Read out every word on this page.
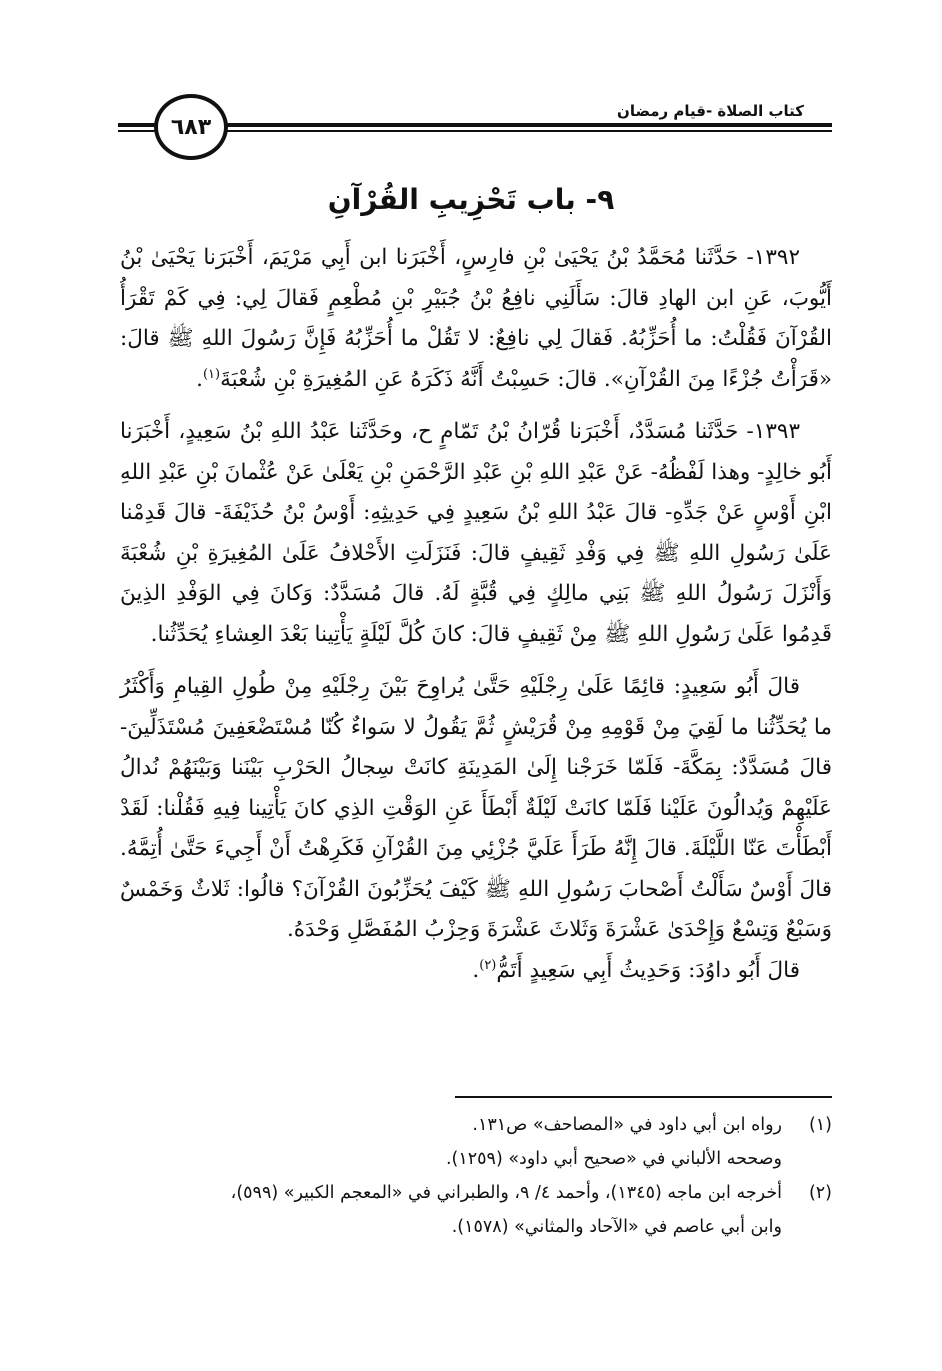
كتاب الصلاة -قيام رمضان
٦٨٣
٩- باب تَحْزِيبِ القُرْآنِ

١٣٩٢- حَدَّثَنا مُحَمَّدُ بْنُ يَحْيَىٰ بْنِ فارِسٍ، أَخْبَرَنا ابن أَبِي مَرْيَمَ، أَخْبَرَنا يَحْيَىٰ بْنُ أَيُّوبَ، عَنِ ابن الهادِ قالَ: سَأَلَنِي نافِعُ بْنُ جُبَيْرِ بْنِ مُطْعِمٍ فَقالَ لِي: فِي كَمْ تَقْرَأُ القُرْآنَ فَقُلْتُ: ما أُحَزِّبُهُ. فَقالَ لِي نافِعٌ: لا تَقُلْ ما أُحَزِّبُهُ فَإِنَّ رَسُولَ اللهِ ﷺ قالَ: «قَرَأْتُ جُزْءًا مِنَ القُرْآنِ». قالَ: حَسِبْتُ أَنَّهُ ذَكَرَهُ عَنِ المُغِيرَةِ بْنِ شُعْبَةَ$^{(١)}$.

١٣٩٣- حَدَّثَنا مُسَدَّدٌ، أَخْبَرَنا قُرّانُ بْنُ تَمّامٍ ح، وحَدَّثَنا عَبْدُ اللهِ بْنُ سَعِيدٍ، أَخْبَرَنا أَبُو خالِدٍ- وهذا لَفْظُهُ- عَنْ عَبْدِ اللهِ بْنِ عَبْدِ الرَّحْمَنِ بْنِ يَعْلَىٰ عَنْ عُثْمانَ بْنِ عَبْدِ اللهِ ابْنِ أَوْسٍ عَنْ جَدِّهِ- قالَ عَبْدُ اللهِ بْنُ سَعِيدٍ فِي حَدِيثِهِ: أَوْسُ بْنُ حُذَيْفَةَ- قالَ قَدِمْنا عَلَىٰ رَسُولِ اللهِ ﷺ فِي وَفْدِ ثَقِيفٍ قالَ: فَنَزَلَتِ الأَحْلافُ عَلَىٰ المُغِيرَةِ بْنِ شُعْبَةَ وَأَنْزَلَ رَسُولُ اللهِ ﷺ بَنِي مالِكٍ فِي قُبَّةٍ لَهُ. قالَ مُسَدَّدٌ: وَكانَ فِي الوَفْدِ الذِينَ قَدِمُوا عَلَىٰ رَسُولِ اللهِ ﷺ مِنْ ثَقِيفٍ قالَ: كانَ كُلَّ لَيْلَةٍ يَأْتِينا بَعْدَ العِشاءِ يُحَدِّثُنا.

قالَ أَبُو سَعِيدٍ: قائِمًا عَلَىٰ رِجْلَيْهِ حَتَّىٰ يُراوِحَ بَيْنَ رِجْلَيْهِ مِنْ طُولِ القِيامِ وَأَكْثَرُ ما يُحَدِّثُنا ما لَقِيَ مِنْ قَوْمِهِ مِنْ قُرَيْشٍ ثُمَّ يَقُولُ لا سَواءٌ كُنّا مُسْتَضْعَفِينَ مُسْتَذَلِّينَ- قالَ مُسَدَّدٌ: بِمَكَّةَ- فَلَمّا خَرَجْنا إِلَىٰ المَدِينَةِ كانَتْ سِجالُ الحَرْبِ بَيْنَنا وَبَيْنَهُمْ نُدالُ عَلَيْهِمْ وَيُدالُونَ عَلَيْنا فَلَمّا كانَتْ لَيْلَةٌ أَبْطَأَ عَنِ الوَقْتِ الذِي كانَ يَأْتِينا فِيهِ فَقُلْنا: لَقَدْ أَبْطَأْتَ عَنّا اللَّيْلَةَ. قالَ إِنَّهُ طَرَأَ عَلَيَّ جُزْئِي مِنَ القُرْآنِ فَكَرِهْتُ أَنْ أَجِيءَ حَتَّىٰ أُتِمَّهُ. قالَ أَوْسٌ سَأَلْتُ أَصْحابَ رَسُولِ اللهِ ﷺ كَيْفَ يُحَزِّبُونَ القُرْآنَ؟ قالُوا: ثَلاثٌ وَخَمْسٌ وَسَبْعٌ وَتِسْعٌ وَإِحْدَىٰ عَشْرَةَ وَثَلاثَ عَشْرَةَ وَحِزْبُ المُفَصَّلِ وَحْدَهُ.

قالَ أَبُو داوُدَ: وَحَدِيثُ أَبِي سَعِيدٍ أَتَمُّ$^{(٢)}$.

(١)
رواه ابن أبي داود في «المصاحف» ص١٣١.
وصححه الألباني في «صحيح أبي داود» (١٢٥٩).
(٢)
أخرجه ابن ماجه (١٣٤٥)، وأحمد ٤/ ٩، والطبراني في «المعجم الكبير» (٥٩٩)،
وابن أبي عاصم في «الآحاد والمثاني» (١٥٧٨).
